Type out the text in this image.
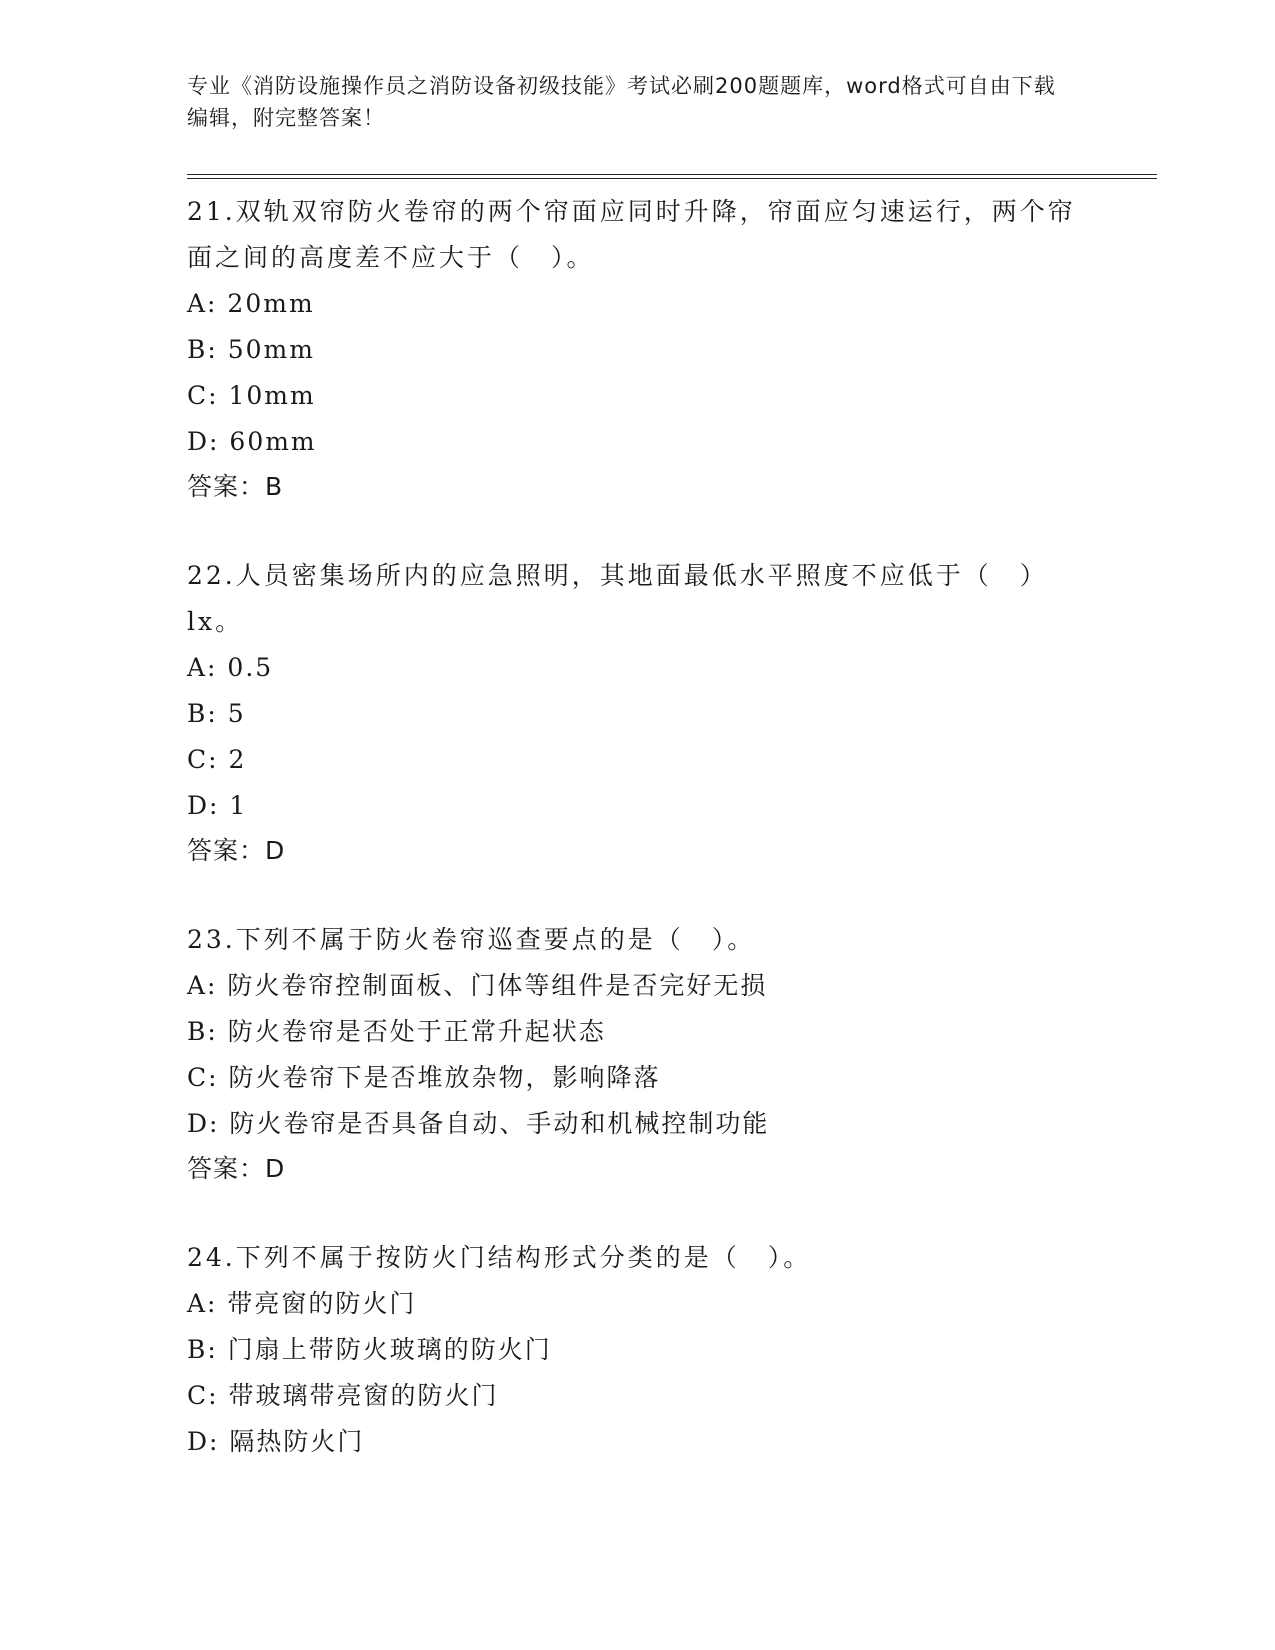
专业《消防设施操作员之消防设备初级技能》考试必刷200题题库，word格式可自由下载编辑，附完整答案！
21.双轨双帘防火卷帘的两个帘面应同时升降，帘面应匀速运行，两个帘面之间的高度差不应大于（　）。
A: 20mm
B: 50mm
C: 10mm
D: 60mm
答案：B
22.人员密集场所内的应急照明，其地面最低水平照度不应低于（　）lx。
A: 0.5
B: 5
C: 2
D: 1
答案：D
23.下列不属于防火卷帘巡查要点的是（　）。
A: 防火卷帘控制面板、门体等组件是否完好无损
B: 防火卷帘是否处于正常升起状态
C: 防火卷帘下是否堆放杂物，影响降落
D: 防火卷帘是否具备自动、手动和机械控制功能
答案：D
24.下列不属于按防火门结构形式分类的是（　）。
A: 带亮窗的防火门
B: 门扇上带防火玻璃的防火门
C: 带玻璃带亮窗的防火门
D: 隔热防火门
